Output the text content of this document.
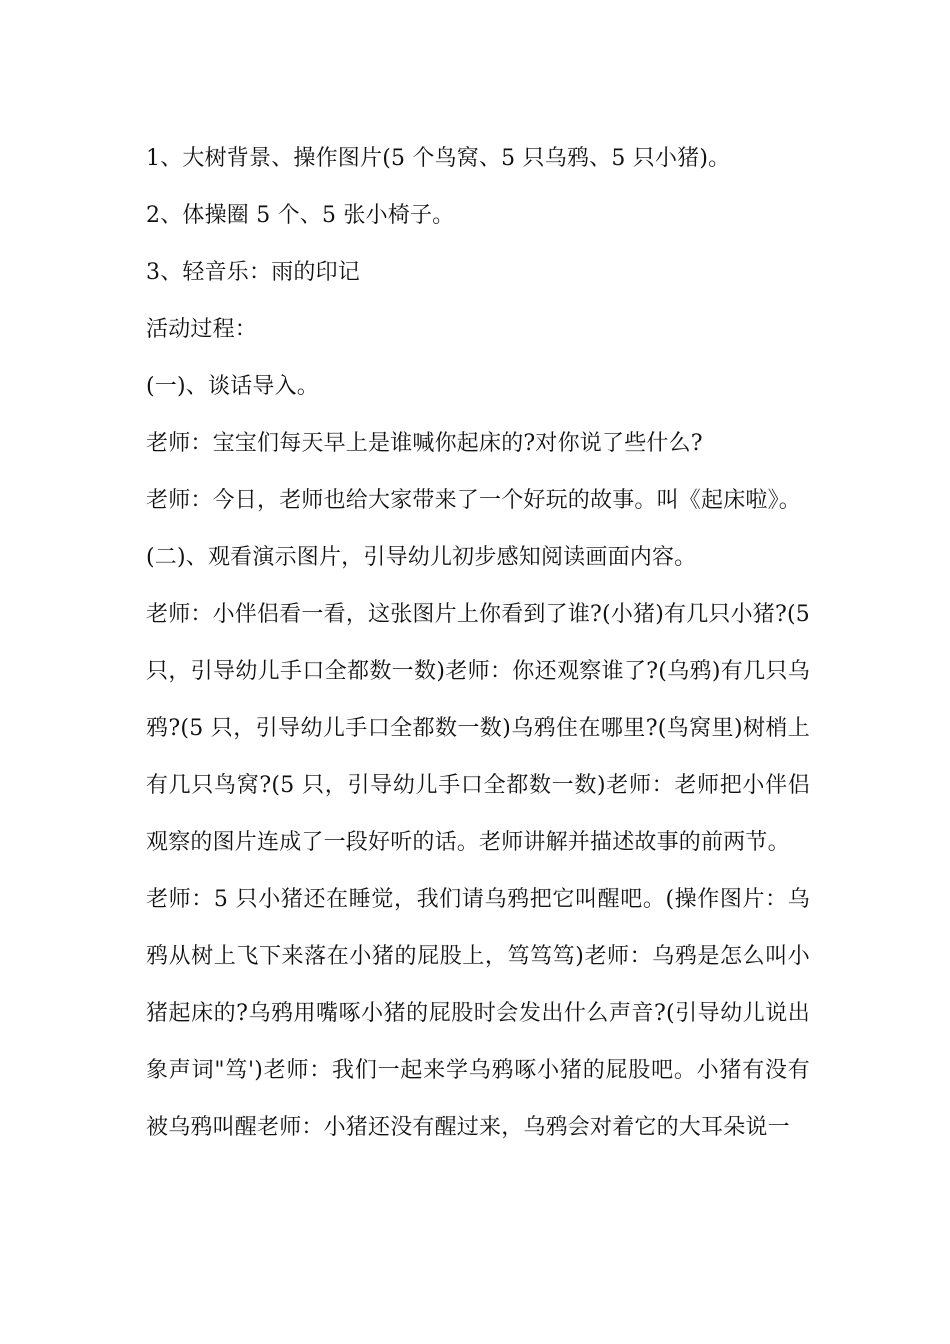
1、大树背景、操作图片(5 个鸟窝、5 只乌鸦、5 只小猪)。

2、体操圈 5 个、5 张小椅子。

3、轻音乐：雨的印记

活动过程：

(一)、谈话导入。

老师：宝宝们每天早上是谁喊你起床的?对你说了些什么?

老师：今日，老师也给大家带来了一个好玩的故事。叫《起床啦》。

(二)、观看演示图片，引导幼儿初步感知阅读画面内容。

老师：小伴侣看一看，这张图片上你看到了谁?(小猪)有几只小猪?(5 只，引导幼儿手口全都数一数)老师：你还观察谁了?(乌鸦)有几只乌鸦?(5 只，引导幼儿手口全都数一数)乌鸦住在哪里?(鸟窝里)树梢上有几只鸟窝?(5 只，引导幼儿手口全都数一数)老师：老师把小伴侣观察的图片连成了一段好听的话。老师讲解并描述故事的前两节。

老师：5 只小猪还在睡觉，我们请乌鸦把它叫醒吧。(操作图片：乌鸦从树上飞下来落在小猪的屁股上，笃笃笃)老师：乌鸦是怎么叫小猪起床的?乌鸦用嘴啄小猪的屁股时会发出什么声音?(引导幼儿说出象声词"笃')老师：我们一起来学乌鸦啄小猪的屁股吧。小猪有没有被乌鸦叫醒老师：小猪还没有醒过来，乌鸦会对着它的大耳朵说一
